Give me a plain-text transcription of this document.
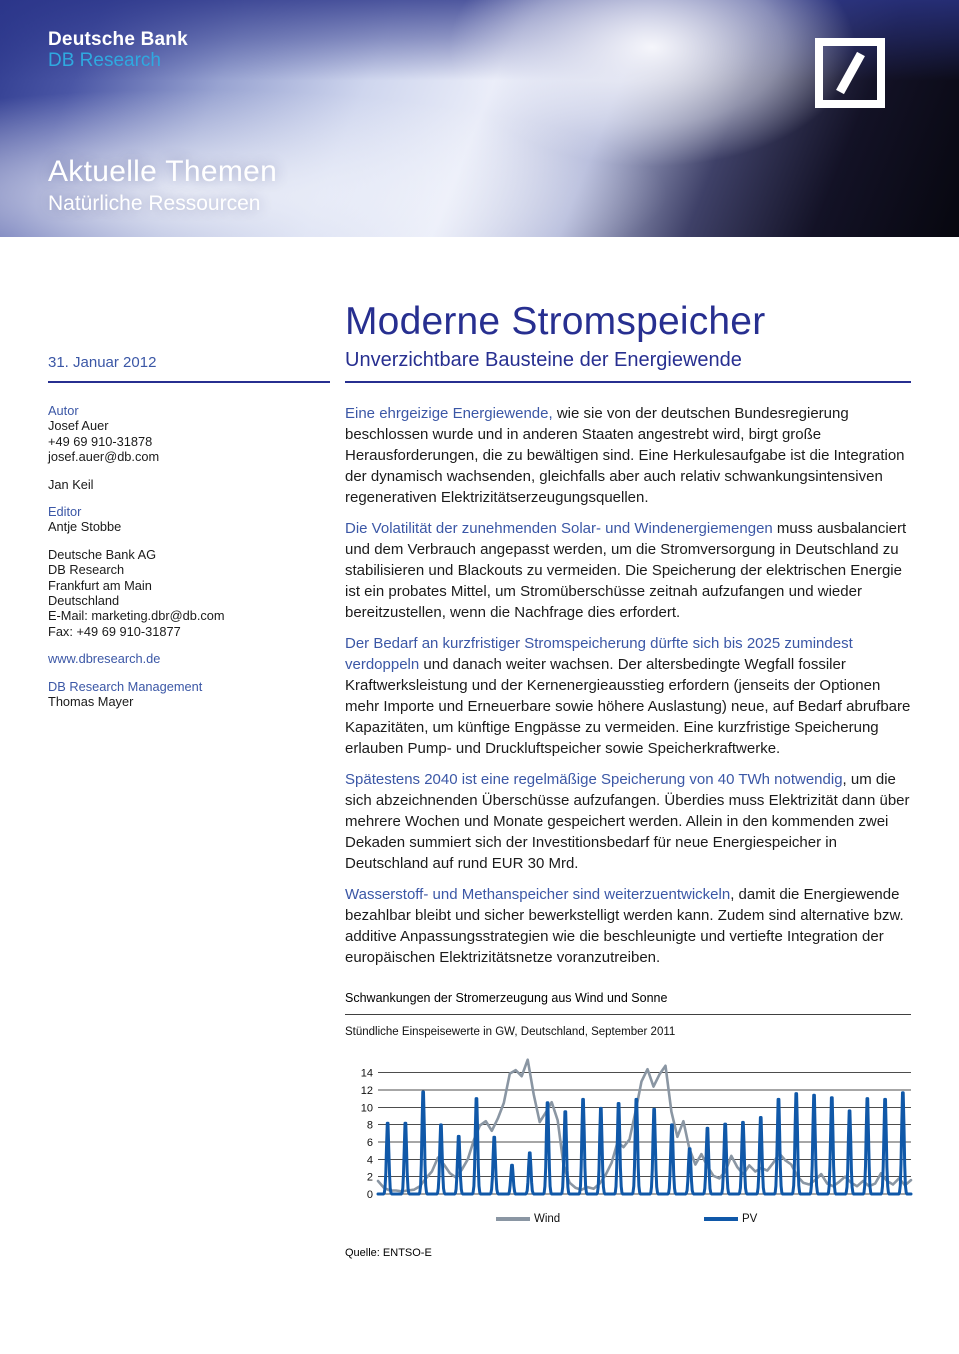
Deutsche Bank
DB Research
Aktuelle Themen
Natürliche Ressourcen
31. Januar 2012
Moderne Stromspeicher
Unverzichtbare Bausteine der Energiewende
Autor
Josef Auer
+49 69 910-31878
josef.auer@db.com
Jan Keil
Editor
Antje Stobbe
Deutsche Bank AG
DB Research
Frankfurt am Main
Deutschland
E-Mail: marketing.dbr@db.com
Fax: +49 69 910-31877
www.dbresearch.de
DB Research Management
Thomas Mayer

Eine ehrgeizige Energiewende, wie sie von der deutschen Bundesregierung beschlossen wurde und in anderen Staaten angestrebt wird, birgt große Herausforderungen, die zu bewältigen sind. Eine Herkulesaufgabe ist die Integration der dynamisch wachsenden, gleichfalls aber auch relativ schwankungsintensiven regenerativen Elektrizitätserzeugungsquellen.

Die Volatilität der zunehmenden Solar- und Windenergiemengen muss ausbalanciert und dem Verbrauch angepasst werden, um die Stromversorgung in Deutschland zu stabilisieren und Blackouts zu vermeiden. Die Speicherung der elektrischen Energie ist ein probates Mittel, um Stromüberschüsse zeitnah aufzufangen und wieder bereitzustellen, wenn die Nachfrage dies erfordert.

Der Bedarf an kurzfristiger Stromspeicherung dürfte sich bis 2025 zumindest verdoppeln und danach weiter wachsen. Der altersbedingte Wegfall fossiler Kraftwerksleistung und der Kernenergieausstieg erfordern (jenseits der Optionen mehr Importe und Erneuerbare sowie höhere Auslastung) neue, auf Bedarf abrufbare Kapazitäten, um künftige Engpässe zu vermeiden. Eine kurzfristige Speicherung erlauben Pump- und Druckluftspeicher sowie Speicherkraftwerke.

Spätestens 2040 ist eine regelmäßige Speicherung von 40 TWh notwendig, um die sich abzeichnenden Überschüsse aufzufangen. Überdies muss Elektrizität dann über mehrere Wochen und Monate gespeichert werden. Allein in den kommenden zwei Dekaden summiert sich der Investitionsbedarf für neue Energiespeicher in Deutschland auf rund EUR 30 Mrd.

Wasserstoff- und Methanspeicher sind weiterzuentwickeln, damit die Energiewende bezahlbar bleibt und sicher bewerkstelligt werden kann. Zudem sind alternative bzw. additive Anpassungsstrategien wie die beschleunigte und vertiefte Integration der europäischen Elektrizitätsnetze voranzutreiben.

Schwankungen der Stromerzeugung aus Wind und Sonne
Stündliche Einspeisewerte in GW, Deutschland, September 2011
0
2
4
6
8
10
12
14
Wind	PV
Quelle: ENTSO-E
